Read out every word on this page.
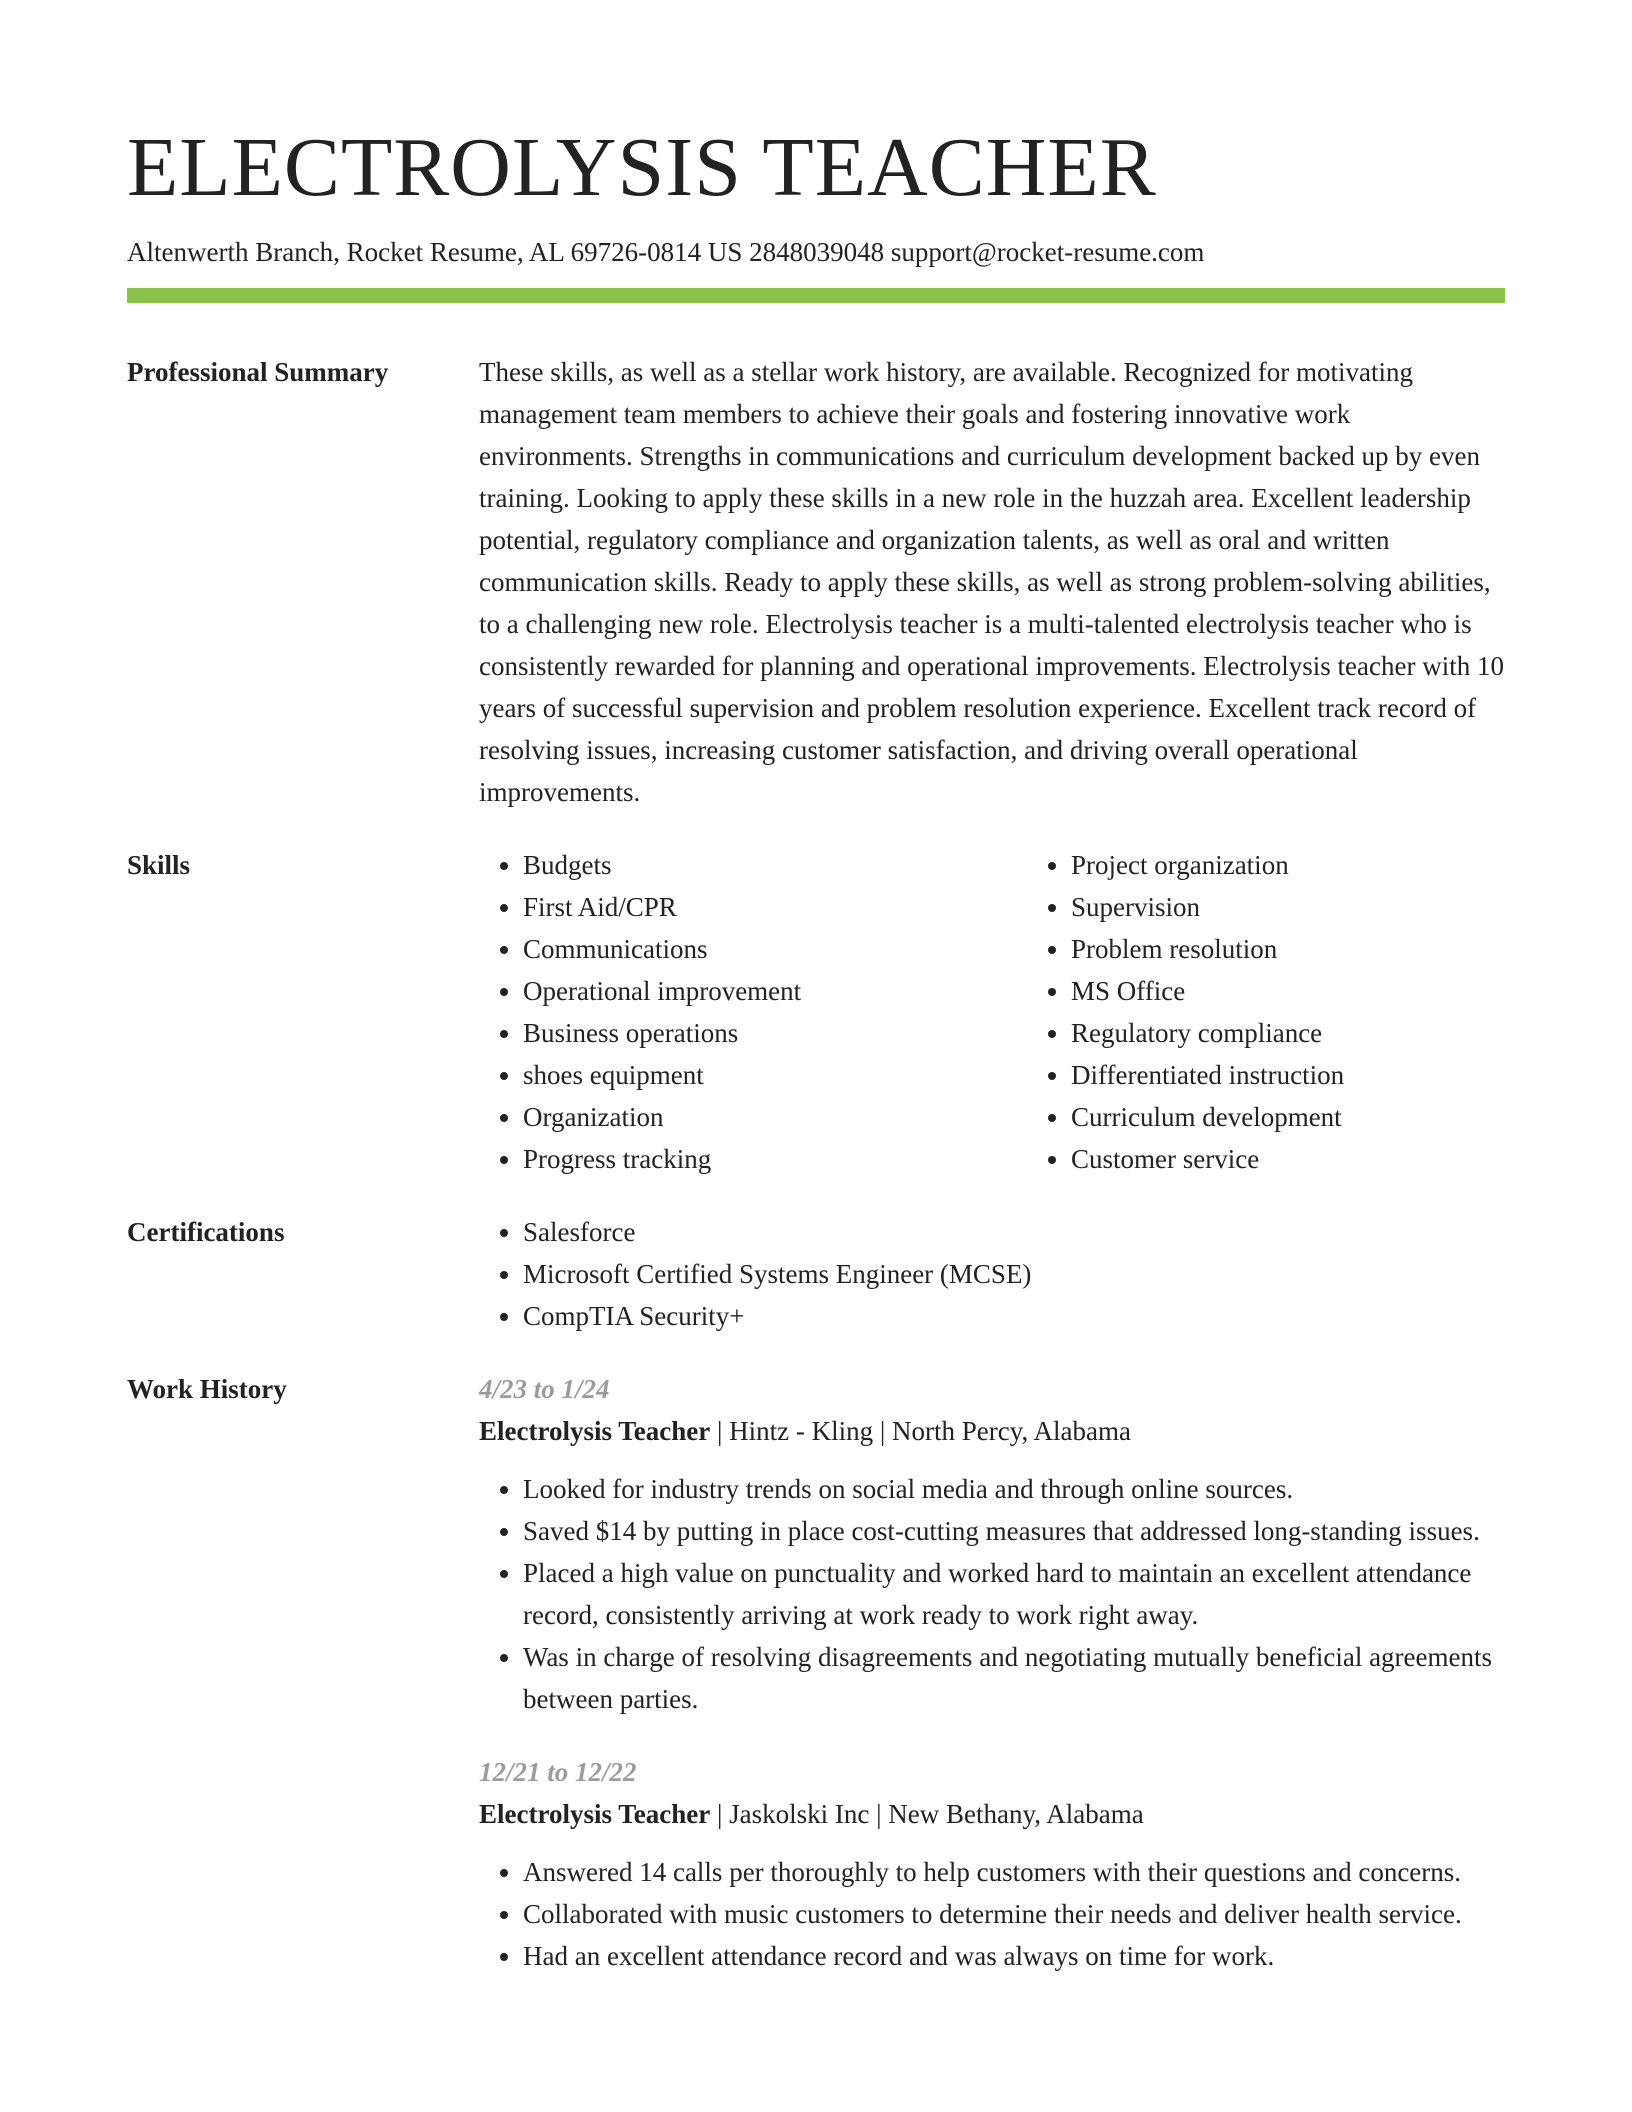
ELECTROLYSIS TEACHER
Altenwerth Branch, Rocket Resume, AL 69726-0814 US 2848039048 support@rocket-resume.com
Professional Summary	These skills, as well as a stellar work history, are available. Recognized for motivating management team members to achieve their goals and fostering innovative work environments. Strengths in communications and curriculum development backed up by even training. Looking to apply these skills in a new role in the huzzah area. Excellent leadership potential, regulatory compliance and organization talents, as well as oral and written communication skills. Ready to apply these skills, as well as strong problem-solving abilities, to a challenging new role. Electrolysis teacher is a multi-talented electrolysis teacher who is consistently rewarded for planning and operational improvements. Electrolysis teacher with 10 years of successful supervision and problem resolution experience. Excellent track record of resolving issues, increasing customer satisfaction, and driving overall operational improvements.

Skills	• Budgets
• First Aid/CPR
• Communications
• Operational improvement
• Business operations
• shoes equipment
• Organization
• Progress tracking
• Project organization
• Supervision
• Problem resolution
• MS Office
• Regulatory compliance
• Differentiated instruction
• Curriculum development
• Customer service
Certifications	• Salesforce
• Microsoft Certified Systems Engineer (MCSE)
• CompTIA Security+
Work History	4/23 to 1/24
Electrolysis Teacher | Hintz - Kling | North Percy, Alabama
• Looked for industry trends on social media and through online sources.
• Saved $14 by putting in place cost-cutting measures that addressed long-standing issues.
• Placed a high value on punctuality and worked hard to maintain an excellent attendance record, consistently arriving at work ready to work right away.
• Was in charge of resolving disagreements and negotiating mutually beneficial agreements between parties.
12/21 to 12/22
Electrolysis Teacher | Jaskolski Inc | New Bethany, Alabama
• Answered 14 calls per thoroughly to help customers with their questions and concerns.
• Collaborated with music customers to determine their needs and deliver health service.
• Had an excellent attendance record and was always on time for work.
